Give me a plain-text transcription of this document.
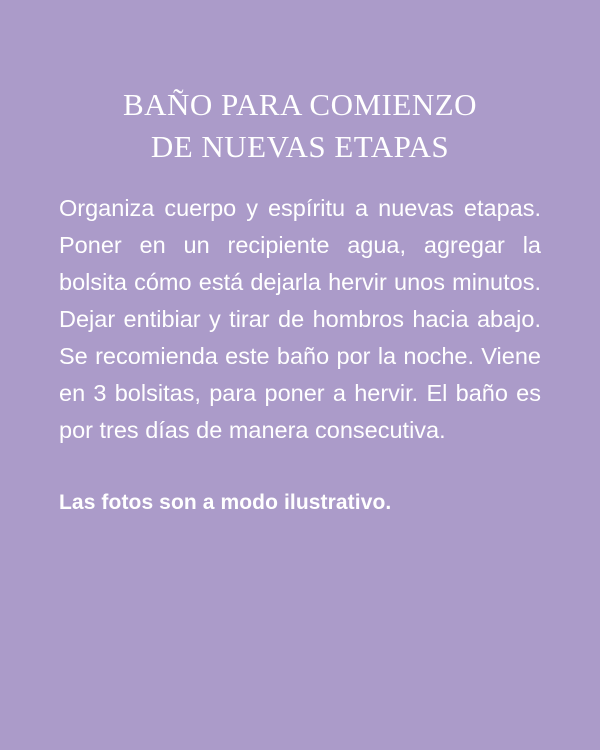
BAÑO PARA COMIENZO
DE NUEVAS ETAPAS

Organiza cuerpo y espíritu a nuevas etapas. Poner en un recipiente agua, agregar la bolsita cómo está dejarla hervir unos minutos. Dejar entibiar y tirar de hombros hacia abajo. Se recomienda este baño por la noche. Viene en 3 bolsitas, para poner a hervir. El baño es por tres días de manera consecutiva.

Las fotos son a modo ilustrativo.
